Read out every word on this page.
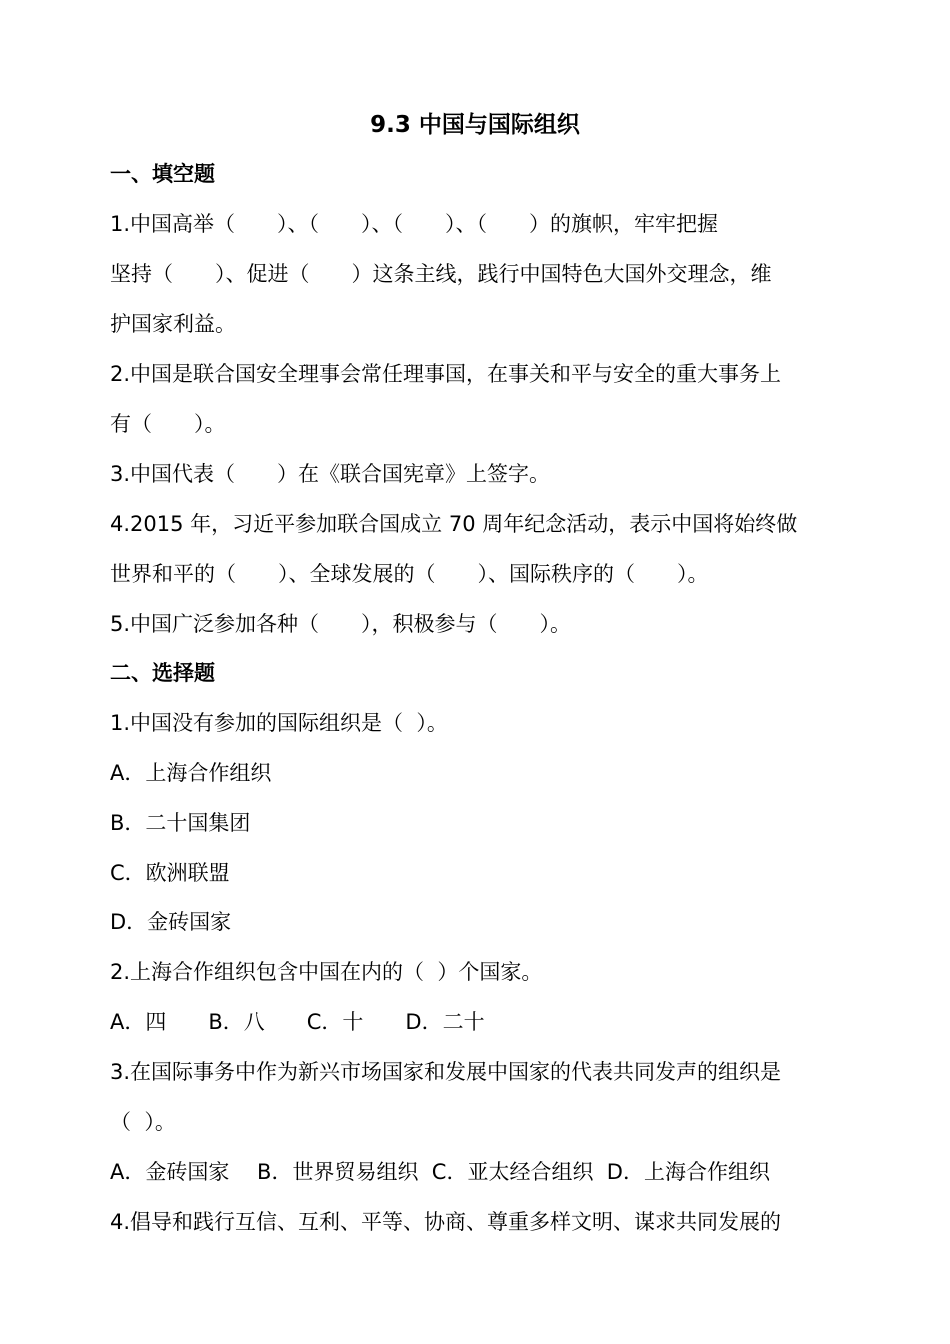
9.3 中国与国际组织

一、填空题

1.中国高举（　　）、（　　）、（　　）、（　　）的旗帜，牢牢把握

坚持（　　）、促进（　　）这条主线，践行中国特色大国外交理念，维

护国家利益。

2.中国是联合国安全理事会常任理事国，在事关和平与安全的重大事务上

有（　　）。

3.中国代表（　　）在《联合国宪章》上签字。

4.2015 年，习近平参加联合国成立 70 周年纪念活动，表示中国将始终做

世界和平的（　　）、全球发展的（　　）、国际秩序的（　　）。

5.中国广泛参加各种（　　），积极参与（　　）。

二、选择题

1.中国没有参加的国际组织是（  ）。

A．上海合作组织

B．二十国集团

C．欧洲联盟

D．金砖国家

2.上海合作组织包含中国在内的（  ）个国家。

A．四　　B．八　　C．十　　D．二十

3.在国际事务中作为新兴市场国家和发展中国家的代表共同发声的组织是

（  ）。

A．金砖国家　 B．世界贸易组织  C．亚太经合组织  D．上海合作组织

4.倡导和践行互信、互利、平等、协商、尊重多样文明、谋求共同发展的
